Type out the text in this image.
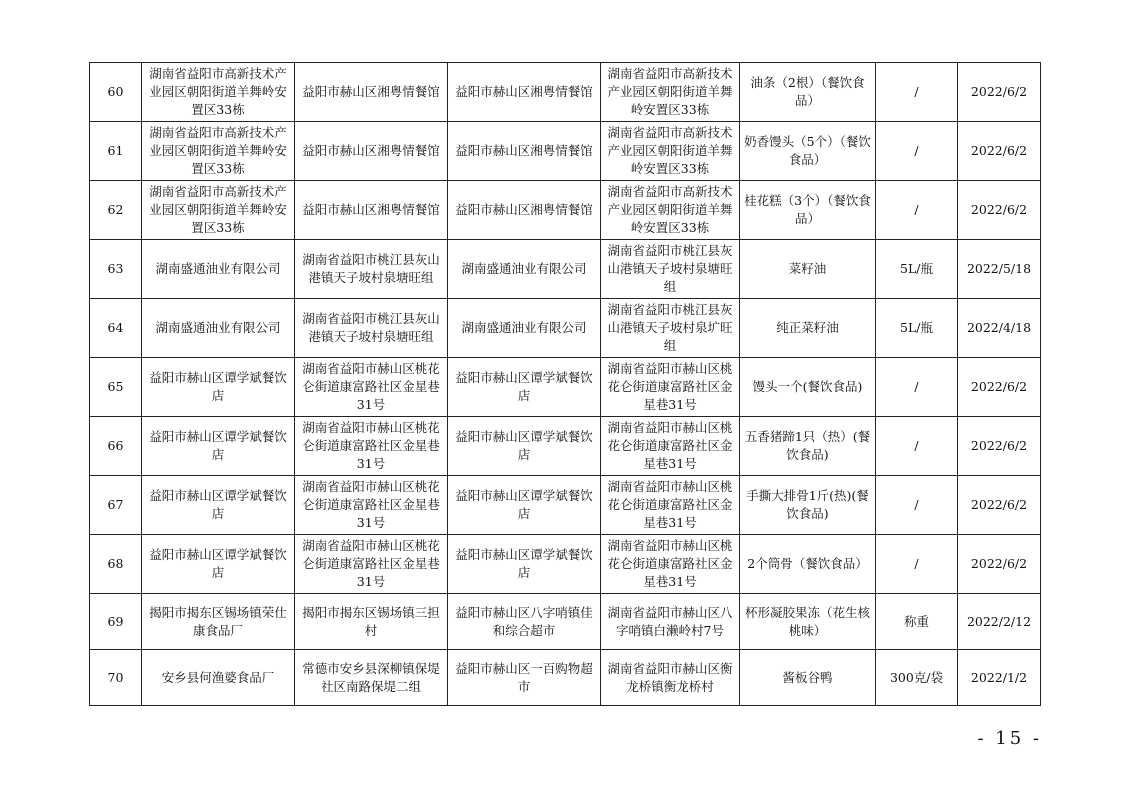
60	湖南省益阳市高新技术产业园区朝阳街道羊舞岭安置区33栋	益阳市赫山区湘粤情餐馆	益阳市赫山区湘粤情餐馆	湖南省益阳市高新技术产业园区朝阳街道羊舞岭安置区33栋	油条（2根）（餐饮食品）	/	2022/6/2
61	湖南省益阳市高新技术产业园区朝阳街道羊舞岭安置区33栋	益阳市赫山区湘粤情餐馆	益阳市赫山区湘粤情餐馆	湖南省益阳市高新技术产业园区朝阳街道羊舞岭安置区33栋	奶香馒头（5个）（餐饮食品）	/	2022/6/2
62	湖南省益阳市高新技术产业园区朝阳街道羊舞岭安置区33栋	益阳市赫山区湘粤情餐馆	益阳市赫山区湘粤情餐馆	湖南省益阳市高新技术产业园区朝阳街道羊舞岭安置区33栋	桂花糕（3个）（餐饮食品）	/	2022/6/2
63	湖南盛通油业有限公司	湖南省益阳市桃江县灰山港镇天子坡村泉塘旺组	湖南盛通油业有限公司	湖南省益阳市桃江县灰山港镇天子坡村泉塘旺组	菜籽油	5L/瓶	2022/5/18
64	湖南盛通油业有限公司	湖南省益阳市桃江县灰山港镇天子坡村泉塘旺组	湖南盛通油业有限公司	湖南省益阳市桃江县灰山港镇天子坡村泉圹旺组	纯正菜籽油	5L/瓶	2022/4/18
65	益阳市赫山区谭学斌餐饮店	湖南省益阳市赫山区桃花仑街道康富路社区金星巷31号	益阳市赫山区谭学斌餐饮店	湖南省益阳市赫山区桃花仑街道康富路社区金星巷31号	馒头一个(餐饮食品)	/	2022/6/2
66	益阳市赫山区谭学斌餐饮店	湖南省益阳市赫山区桃花仑街道康富路社区金星巷31号	益阳市赫山区谭学斌餐饮店	湖南省益阳市赫山区桃花仑街道康富路社区金星巷31号	五香猪蹄1只（热）(餐饮食品)	/	2022/6/2
67	益阳市赫山区谭学斌餐饮店	湖南省益阳市赫山区桃花仑街道康富路社区金星巷31号	益阳市赫山区谭学斌餐饮店	湖南省益阳市赫山区桃花仑街道康富路社区金星巷31号	手撕大排骨1斤(热)(餐饮食品)	/	2022/6/2
68	益阳市赫山区谭学斌餐饮店	湖南省益阳市赫山区桃花仑街道康富路社区金星巷31号	益阳市赫山区谭学斌餐饮店	湖南省益阳市赫山区桃花仑街道康富路社区金星巷31号	2个筒骨（餐饮食品）	/	2022/6/2
69	揭阳市揭东区锡场镇荣仕康食品厂	揭阳市揭东区锡场镇三担村	益阳市赫山区八字哨镇佳和综合超市	湖南省益阳市赫山区八字哨镇白濑岭村7号	杯形凝胶果冻（花生核桃味）	称重	2022/2/12
70	安乡县何渔婆食品厂	常德市安乡县深柳镇保堤社区南路保堤二组	益阳市赫山区一百购物超市	湖南省益阳市赫山区衡龙桥镇衡龙桥村	酱板谷鸭	300克/袋	2022/1/2
- 15 -
